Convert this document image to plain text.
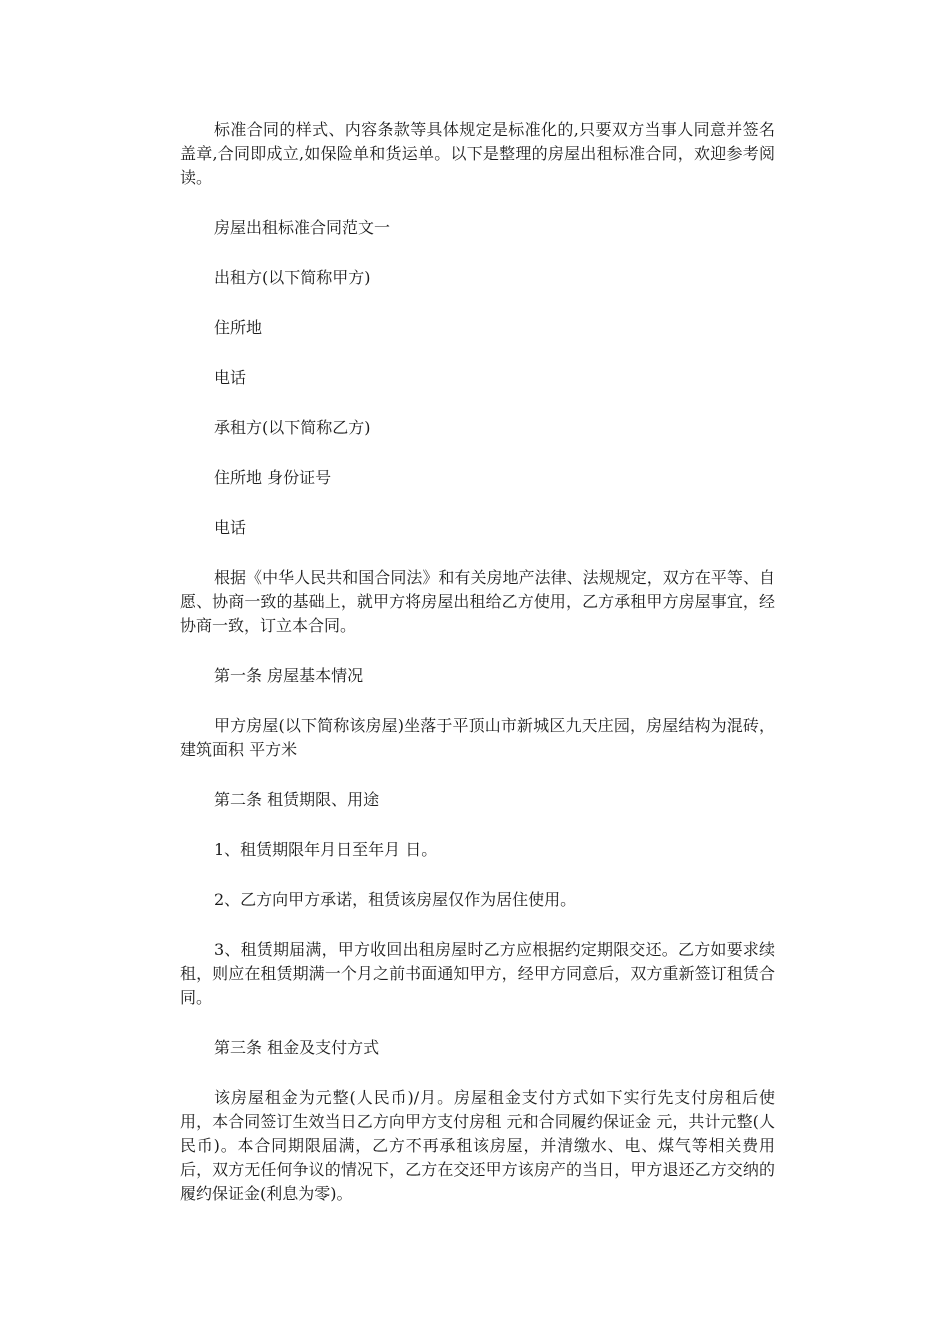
标准合同的样式、内容条款等具体规定是标准化的,只要双方当事人同意并签名盖章,合同即成立,如保险单和货运单。以下是整理的房屋出租标准合同，欢迎参考阅读。

房屋出租标准合同范文一

出租方(以下简称甲方)

住所地

电话

承租方(以下简称乙方)

住所地 身份证号

电话

根据《中华人民共和国合同法》和有关房地产法律、法规规定，双方在平等、自愿、协商一致的基础上，就甲方将房屋出租给乙方使用，乙方承租甲方房屋事宜，经协商一致，订立本合同。

第一条 房屋基本情况

甲方房屋(以下简称该房屋)坐落于平顶山市新城区九天庄园，房屋结构为混砖，建筑面积 平方米

第二条 租赁期限、用途

1、租赁期限年月日至年月 日。

2、乙方向甲方承诺，租赁该房屋仅作为居住使用。

3、租赁期届满，甲方收回出租房屋时乙方应根据约定期限交还。乙方如要求续租，则应在租赁期满一个月之前书面通知甲方，经甲方同意后，双方重新签订租赁合同。

第三条 租金及支付方式

该房屋租金为元整(人民币)/月。房屋租金支付方式如下实行先支付房租后使用，本合同签订生效当日乙方向甲方支付房租 元和合同履约保证金 元，共计元整(人民币)。本合同期限届满，乙方不再承租该房屋，并清缴水、电、煤气等相关费用后，双方无任何争议的情况下，乙方在交还甲方该房产的当日，甲方退还乙方交纳的履约保证金(利息为零)。
